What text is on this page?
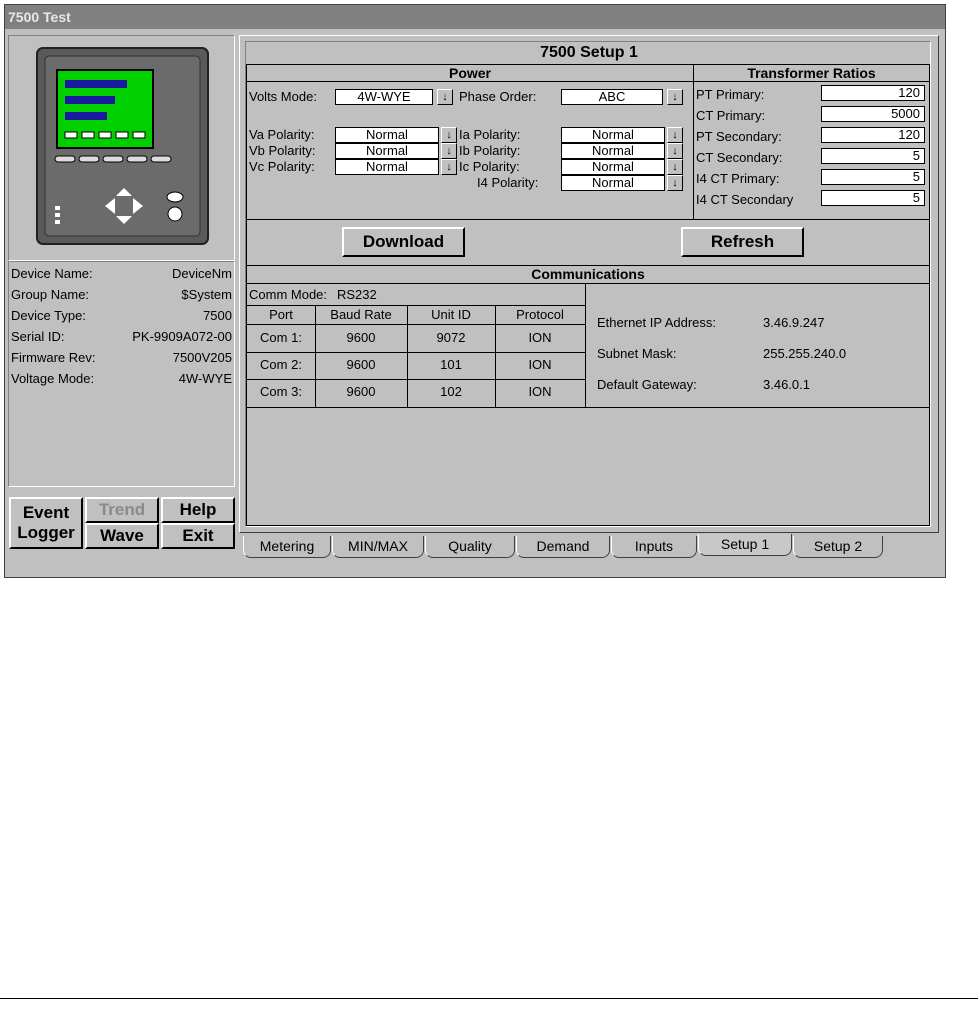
7500 Test
Device Name:	DeviceNm
Group Name:	$System
Device Type:	7500
Serial ID:	PK-9909A072-00
Firmware Rev:	7500V205
Voltage Mode:	4W-WYE
Event
Logger
Trend	Help
Wave	Exit
7500 Setup 1
Power	Transformer Ratios
Volts Mode:	4W-WYE	↓ Phase Order:	ABC	↓
Download	Refresh
Communications
Comm Mode: RS232
Ethernet IP Address:	3.46.9.247
Subnet Mask:	255.255.240.0
Default Gateway:	3.46.0.1
Va Polarity:	Normal	↓
Vb Polarity:	Normal	↓
Vc Polarity:	Normal	↓
Ia Polarity:	Normal	↓
Ib Polarity:	Normal	↓
Ic Polarity:	Normal	↓
I4 Polarity:	Normal	↓
PT Primary:	120
CT Primary:	5000
PT Secondary:	120
CT Secondary:	5
I4 CT Primary:	5
I4 CT Secondary	5
Port	Baud Rate	Unit ID	Protocol
Com 1:	9600	9072	ION
Com 2:	9600	101	ION
Com 3:	9600	102	ION
Metering	MIN/MAX	Quality	Demand	Inputs	Setup 1	Setup 2
